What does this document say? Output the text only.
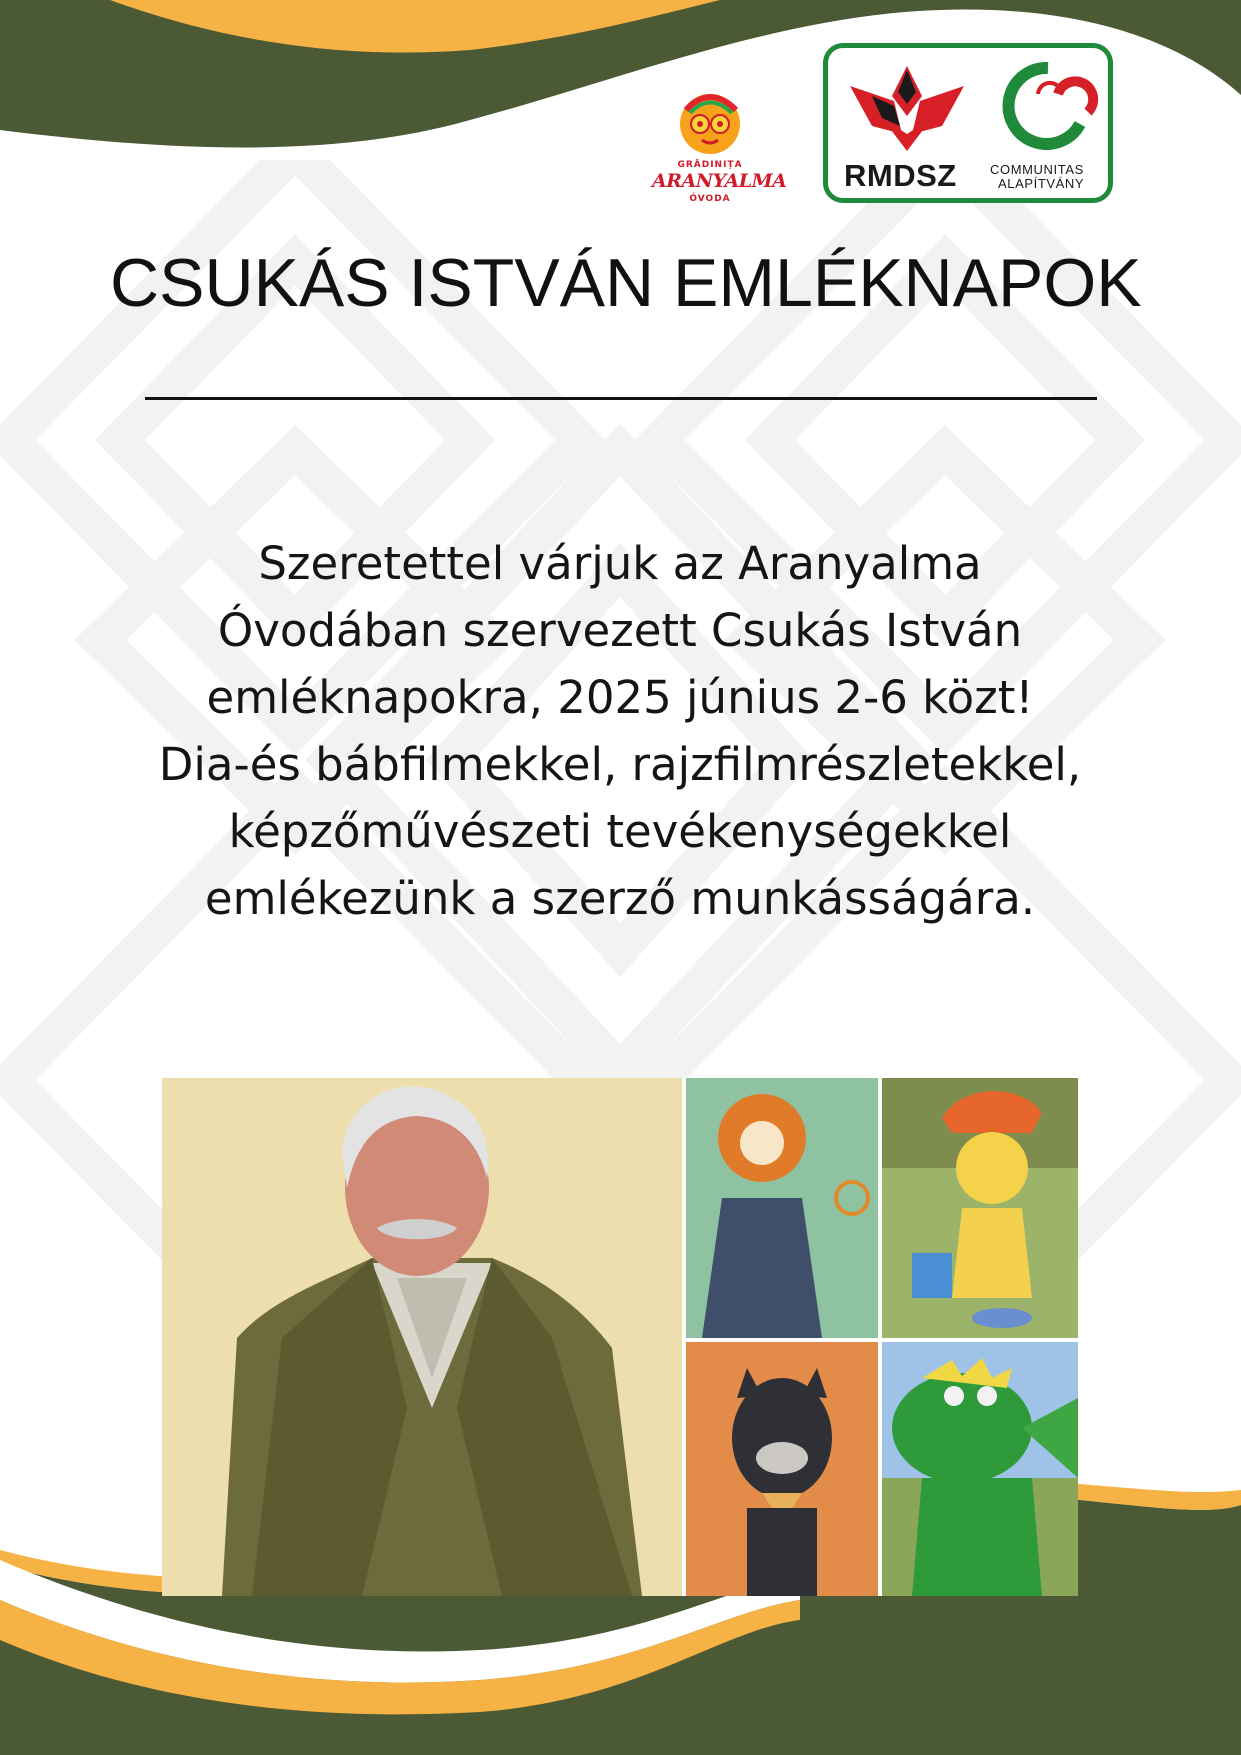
GRĂDINIȚA
ARANYALMA
ÓVODA
RMDSZ	COMMUNITAS
ALAPÍTVÁNY
CSUKÁS ISTVÁN EMLÉKNAPOK
Szeretettel várjuk az Aranyalma
Óvodában szervezett Csukás István
emléknapokra, 2025 június 2-6 közt!
Dia-és bábfilmekkel, rajzfilmrészletekkel,
képzőművészeti tevékenységekkel
emlékezünk a szerző munkásságára.
